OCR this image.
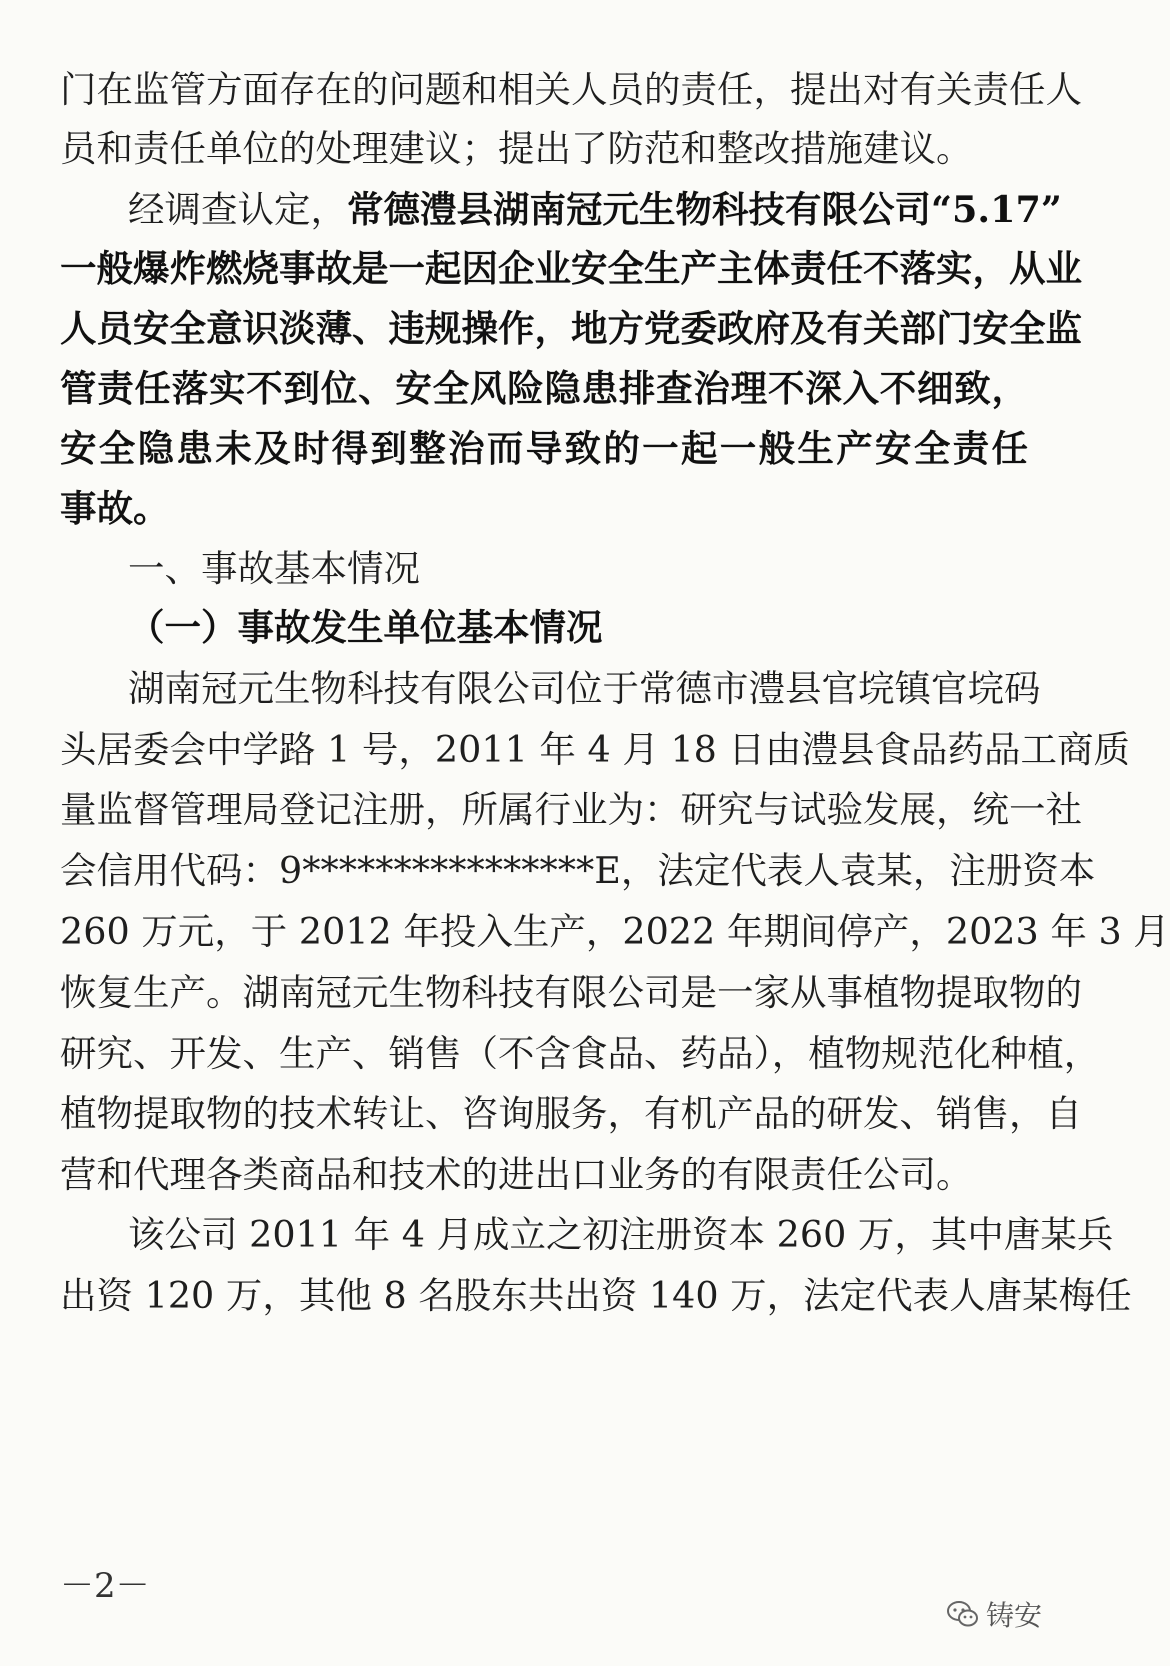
门在监管方面存在的问题和相关人员的责任，提出对有关责任人
员和责任单位的处理建议；提出了防范和整改措施建议。
经调查认定，常德澧县湖南冠元生物科技有限公司“5.17”
一般爆炸燃烧事故是一起因企业安全生产主体责任不落实，从业
人员安全意识淡薄、违规操作，地方党委政府及有关部门安全监
管责任落实不到位、安全风险隐患排查治理不深入不细致，
安全隐患未及时得到整治而导致的一起一般生产安全责任
事故。
一、事故基本情况
（一）事故发生单位基本情况
湖南冠元生物科技有限公司位于常德市澧县官垸镇官垸码
头居委会中学路 1 号，2011 年 4 月 18 日由澧县食品药品工商质
量监督管理局登记注册，所属行业为：研究与试验发展，统一社
会信用代码：9****************E，法定代表人袁某，注册资本
260 万元，于 2012 年投入生产，2022 年期间停产，2023 年 3 月
恢复生产。湖南冠元生物科技有限公司是一家从事植物提取物的
研究、开发、生产、销售（不含食品、药品），植物规范化种植，
植物提取物的技术转让、咨询服务，有机产品的研发、销售，自
营和代理各类商品和技术的进出口业务的有限责任公司。
该公司 2011 年 4 月成立之初注册资本 260 万，其中唐某兵
出资 120 万，其他 8 名股东共出资 140 万，法定代表人唐某梅任
－2－
铸安
